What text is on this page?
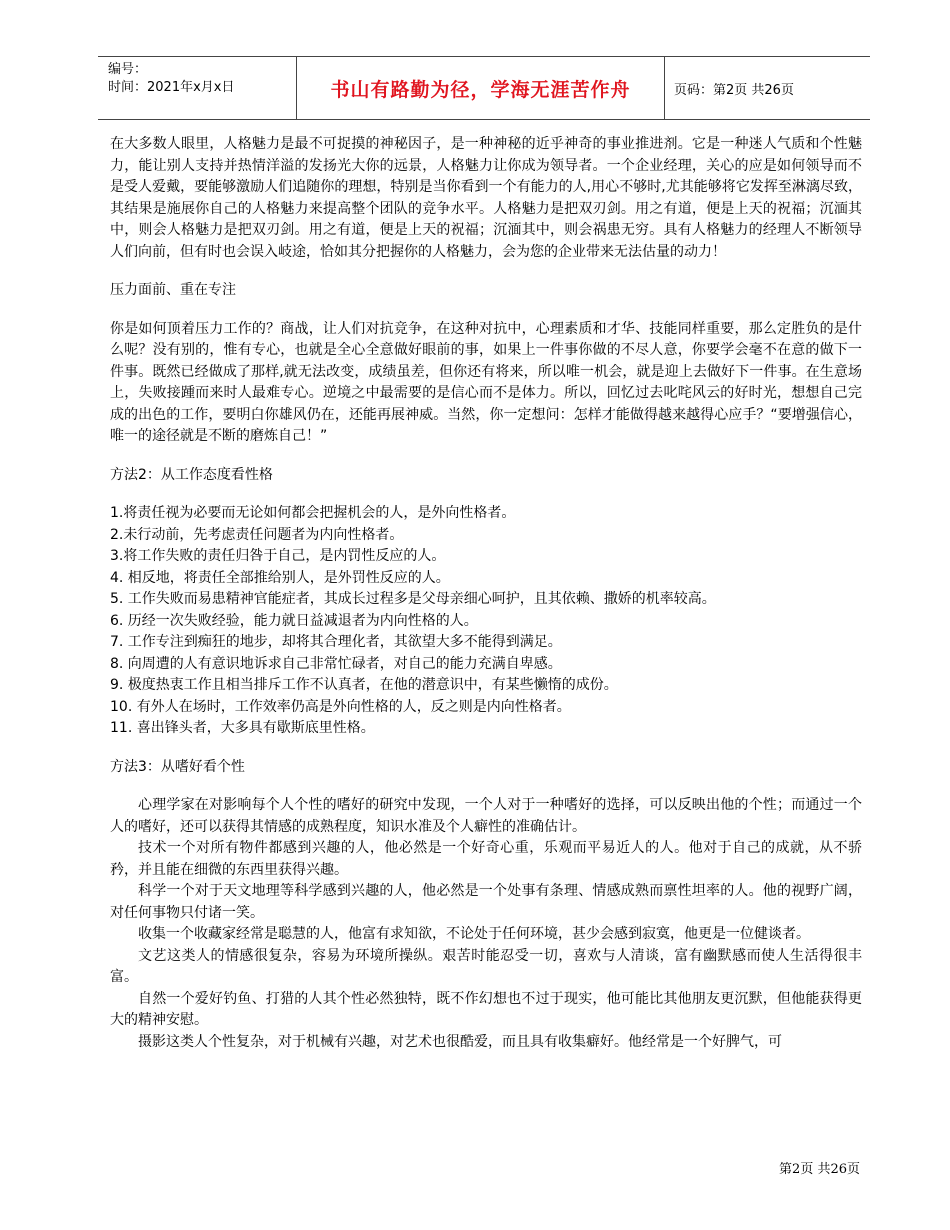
编号：
时间：2021年x月x日	书山有路勤为径，学海无涯苦作舟	页码：第2页 共26页

在大多数人眼里，人格魅力是最不可捉摸的神秘因子，是一种神秘的近乎神奇的事业推进剂。它是一种迷人气质和个性魅力，能让别人支持并热情洋溢的发扬光大你的远景，人格魅力让你成为领导者。一个企业经理，关心的应是如何领导而不是受人爱戴，要能够激励人们追随你的理想，特别是当你看到一个有能力的人,用心不够时,尤其能够将它发挥至淋漓尽致，其结果是施展你自己的人格魅力来提高整个团队的竞争水平。人格魅力是把双刃剑。用之有道，便是上天的祝福；沉湎其中，则会人格魅力是把双刃剑。用之有道，便是上天的祝福；沉湎其中，则会祸患无穷。具有人格魅力的经理人不断领导人们向前，但有时也会误入岐途，恰如其分把握你的人格魅力，会为您的企业带来无法估量的动力！

压力面前、重在专注

你是如何顶着压力工作的？商战，让人们对抗竞争，在这种对抗中，心理素质和才华、技能同样重要，那么定胜负的是什么呢？没有别的，惟有专心，也就是全心全意做好眼前的事，如果上一件事你做的不尽人意，你要学会毫不在意的做下一件事。既然已经做成了那样,就无法改变，成绩虽差，但你还有将来，所以唯一机会，就是迎上去做好下一件事。在生意场上，失败接踵而来时人最难专心。逆境之中最需要的是信心而不是体力。所以，回忆过去叱咤风云的好时光，想想自己完成的出色的工作，要明白你雄风仍在，还能再展神威。当然，你一定想问：怎样才能做得越来越得心应手？“要增强信心，唯一的途径就是不断的磨炼自己！”

方法2：从工作态度看性格

1.将责任视为必要而无论如何都会把握机会的人，是外向性格者。

2.未行动前，先考虑责任问题者为内向性格者。

3.将工作失败的责任归咎于自己，是内罚性反应的人。

4. 相反地，将责任全部推给别人，是外罚性反应的人。

5. 工作失败而易患精神官能症者，其成长过程多是父母亲细心呵护，且其依赖、撒娇的机率较高。

6. 历经一次失败经验，能力就日益减退者为内向性格的人。

7. 工作专注到痴狂的地步，却将其合理化者，其欲望大多不能得到满足。

8. 向周遭的人有意识地诉求自己非常忙碌者，对自己的能力充满自卑感。

9. 极度热衷工作且相当排斥工作不认真者，在他的潜意识中，有某些懒惰的成份。

10. 有外人在场时，工作效率仍高是外向性格的人，反之则是内向性格者。

11. 喜出锋头者，大多具有歇斯底里性格。

方法3：从嗜好看个性

心理学家在对影响每个人个性的嗜好的研究中发现，一个人对于一种嗜好的选择，可以反映出他的个性；而通过一个人的嗜好，还可以获得其情感的成熟程度，知识水准及个人癖性的准确估计。

技术一个对所有物件都感到兴趣的人，他必然是一个好奇心重，乐观而平易近人的人。他对于自己的成就，从不骄矜，并且能在细微的东西里获得兴趣。

科学一个对于天文地理等科学感到兴趣的人，他必然是一个处事有条理、情感成熟而禀性坦率的人。他的视野广阔，对任何事物只付诸一笑。

收集一个收藏家经常是聪慧的人，他富有求知欲，不论处于任何环境，甚少会感到寂寞，他更是一位健谈者。

文艺这类人的情感很复杂，容易为环境所操纵。艰苦时能忍受一切，喜欢与人清谈，富有幽默感而使人生活得很丰富。

自然一个爱好钓鱼、打猎的人其个性必然独特，既不作幻想也不过于现实，他可能比其他朋友更沉默，但他能获得更大的精神安慰。

摄影这类人个性复杂，对于机械有兴趣，对艺术也很酷爱，而且具有收集癖好。他经常是一个好脾气，可

第2页 共26页
